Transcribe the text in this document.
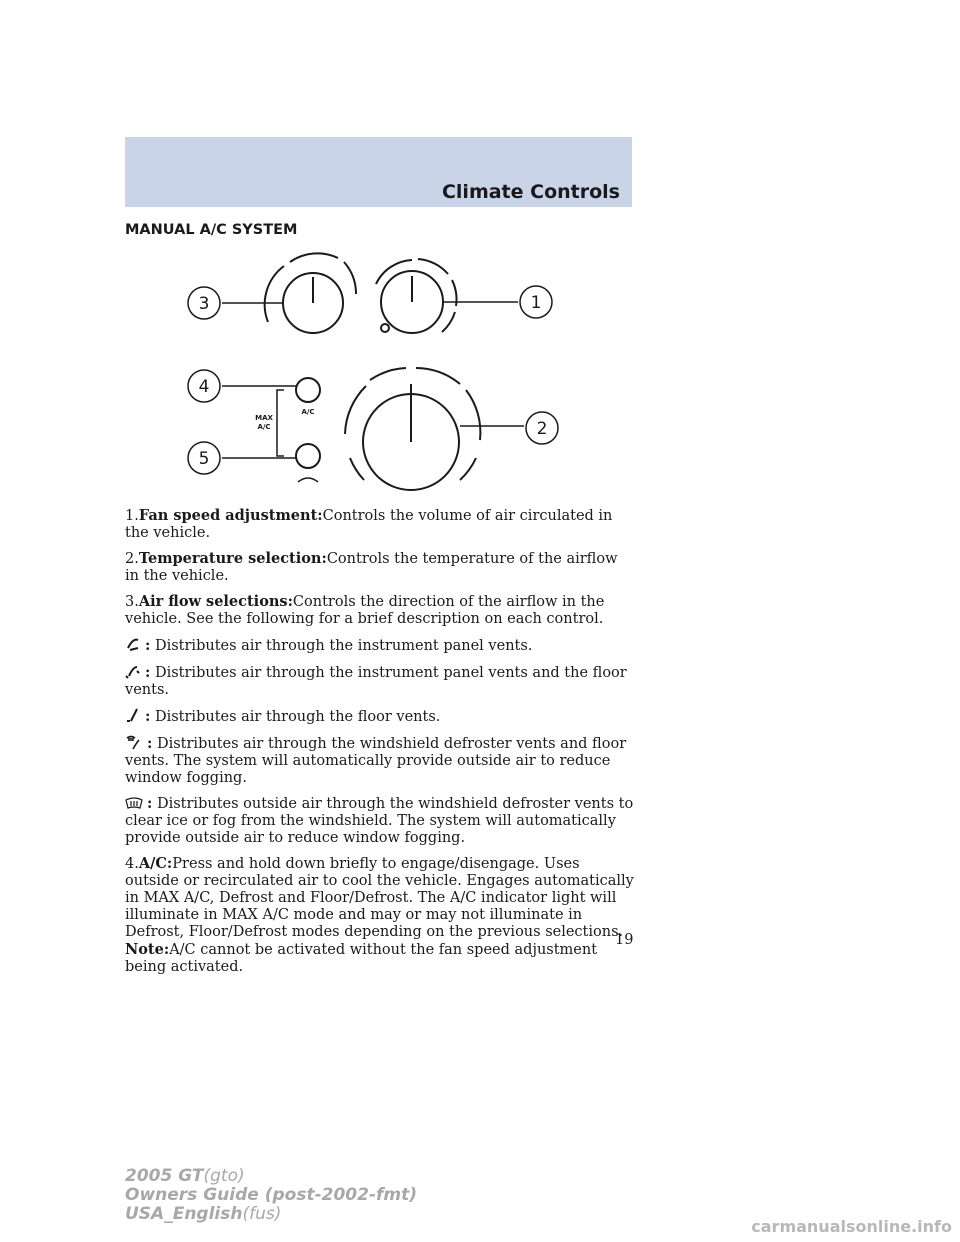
Climate Controls
MANUAL A/C SYSTEM
3	1
4
5
2
MAX
A/C
A/C

1.Fan speed adjustment:Controls the volume of air circulated in the vehicle.

2.Temperature selection:Controls the temperature of the airflow in the vehicle.

3.Air flow selections:Controls the direction of the airflow in the vehicle. See the following for a brief description on each control.

: Distributes air through the instrument panel vents.

: Distributes air through the instrument panel vents and the floor vents.

: Distributes air through the floor vents.

: Distributes air through the windshield defroster vents and floor vents. The system will automatically provide outside air to reduce window fogging.

: Distributes outside air through the windshield defroster vents to clear ice or fog from the windshield. The system will automatically provide outside air to reduce window fogging.

4.A/C:Press and hold down briefly to engage/disengage. Uses outside or recirculated air to cool the vehicle. Engages automatically in MAX A/C, Defrost and Floor/Defrost. The A/C indicator light will illuminate in MAX A/C mode and may or may not illuminate in Defrost, Floor/Defrost modes depending on the previous selections. Note:A/C cannot be activated without the fan speed adjustment being activated.

19

2005 GT(gto)
Owners Guide (post-2002-fmt)
USA_English(fus)

carmanualsonline.info
